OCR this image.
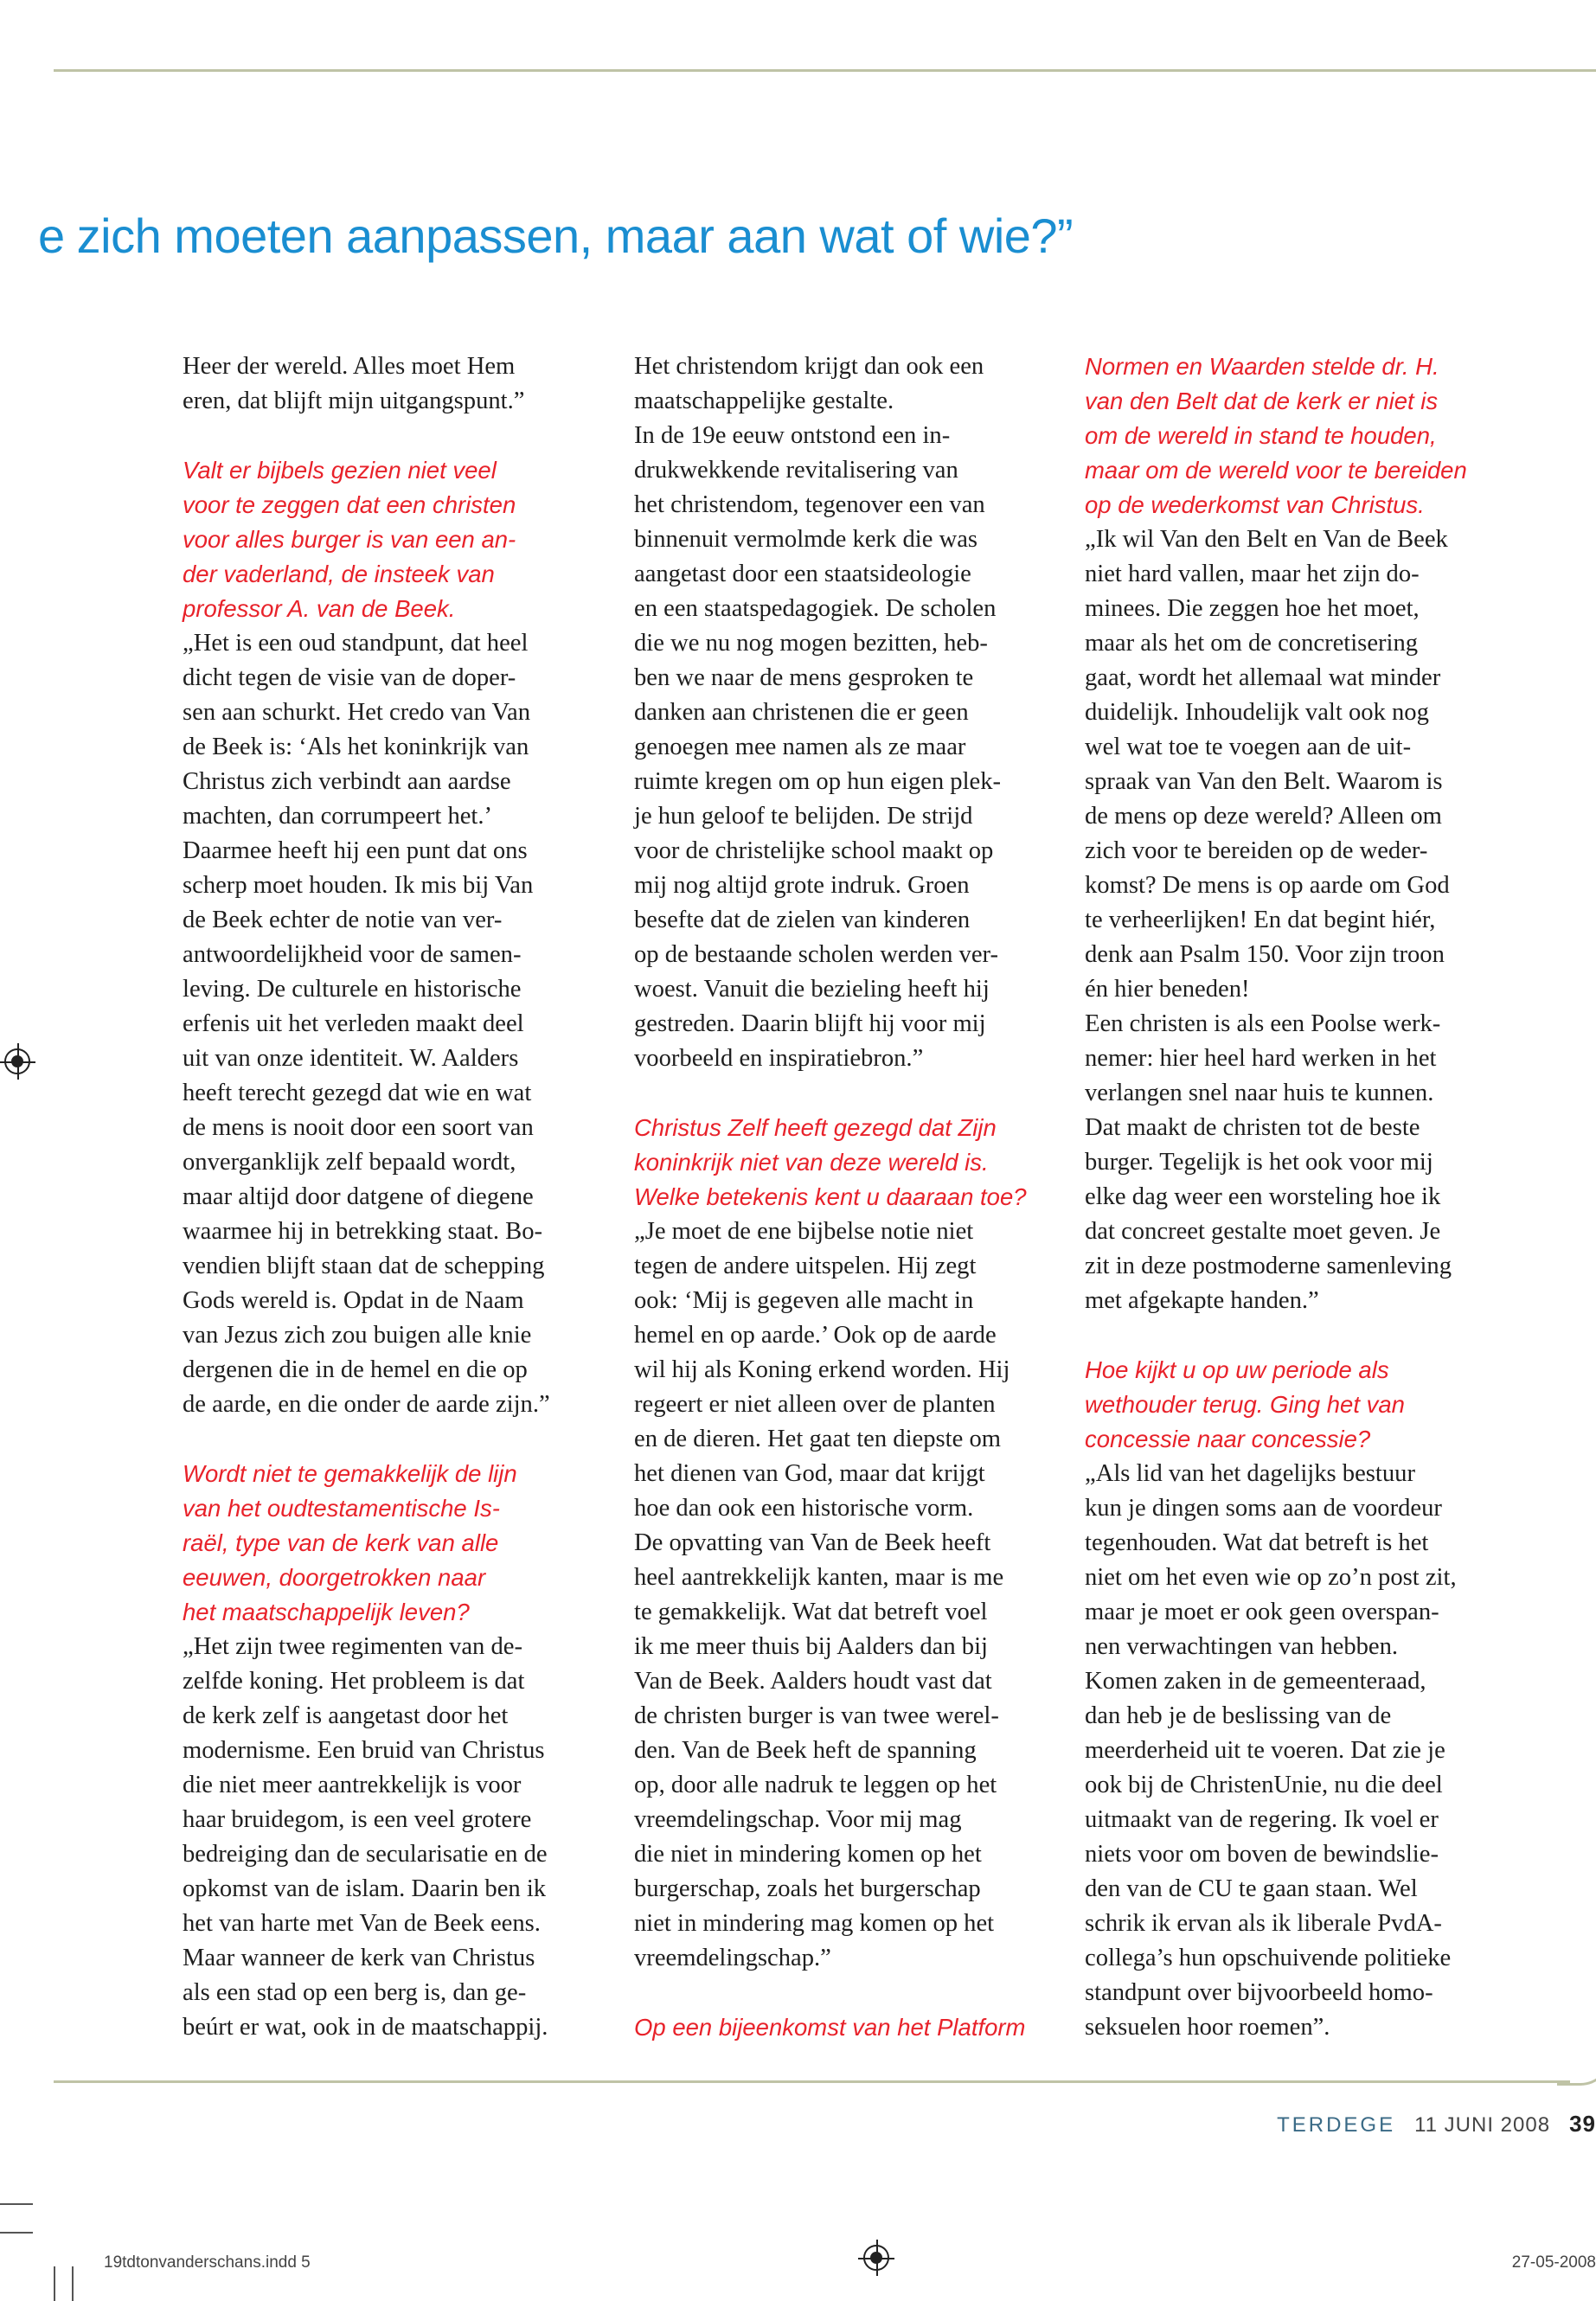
e zich moeten aanpassen, maar aan wat of wie?”

Heer der wereld. Alles moet Hem

eren, dat blijft mijn uitgangspunt.”

Valt er bijbels gezien niet veel

voor te zeggen dat een christen

voor alles burger is van een an-

der vaderland, de insteek van

professor A. van de Beek.

„Het is een oud standpunt, dat heel

dicht tegen de visie van de doper-

sen aan schurkt. Het credo van Van

de Beek is: ‘Als het koninkrijk van

Christus zich verbindt aan aardse

machten, dan corrumpeert het.’

Daarmee heeft hij een punt dat ons

scherp moet houden. Ik mis bij Van

de Beek echter de notie van ver-

antwoordelijkheid voor de samen-

leving. De culturele en historische

erfenis uit het verleden maakt deel

uit van onze identiteit. W. Aalders

heeft terecht gezegd dat wie en wat

de mens is nooit door een soort van

onverganklijk zelf bepaald wordt,

maar altijd door datgene of diegene

waarmee hij in betrekking staat. Bo-

vendien blijft staan dat de schepping

Gods wereld is. Opdat in de Naam

van Jezus zich zou buigen alle knie

dergenen die in de hemel en die op

de aarde, en die onder de aarde zijn.”

Wordt niet te gemakkelijk de lijn

van het oudtestamentische Is-

raël, type van de kerk van alle

eeuwen, doorgetrokken naar

het maatschappelijk leven?

„Het zijn twee regimenten van de-

zelfde koning. Het probleem is dat

de kerk zelf is aangetast door het

modernisme. Een bruid van Christus

die niet meer aantrekkelijk is voor

haar bruidegom, is een veel grotere

bedreiging dan de secularisatie en de

opkomst van de islam. Daarin ben ik

het van harte met Van de Beek eens.

Maar wanneer de kerk van Christus

als een stad op een berg is, dan ge-

beúrt er wat, ook in de maatschappij.

Het christendom krijgt dan ook een

maatschappelijke gestalte.

In de 19e eeuw ontstond een in-

drukwekkende revitalisering van

het christendom, tegenover een van

binnenuit vermolmde kerk die was

aangetast door een staatsideologie

en een staatspedagogiek. De scholen

die we nu nog mogen bezitten, heb-

ben we naar de mens gesproken te

danken aan christenen die er geen

genoegen mee namen als ze maar

ruimte kregen om op hun eigen plek-

je hun geloof te belijden. De strijd

voor de christelijke school maakt op

mij nog altijd grote indruk. Groen

besefte dat de zielen van kinderen

op de bestaande scholen werden ver-

woest. Vanuit die bezieling heeft hij

gestreden. Daarin blijft hij voor mij

voorbeeld en inspiratiebron.”

Christus Zelf heeft gezegd dat Zijn

koninkrijk niet van deze wereld is.

Welke betekenis kent u daaraan toe?

„Je moet de ene bijbelse notie niet

tegen de andere uitspelen. Hij zegt

ook: ‘Mij is gegeven alle macht in

hemel en op aarde.’ Ook op de aarde

wil hij als Koning erkend worden. Hij

regeert er niet alleen over de planten

en de dieren. Het gaat ten diepste om

het dienen van God, maar dat krijgt

hoe dan ook een historische vorm.

De opvatting van Van de Beek heeft

heel aantrekkelijk kanten, maar is me

te gemakkelijk. Wat dat betreft voel

ik me meer thuis bij Aalders dan bij

Van de Beek. Aalders houdt vast dat

de christen burger is van twee werel-

den. Van de Beek heft de spanning

op, door alle nadruk te leggen op het

vreemdelingschap. Voor mij mag

die niet in mindering komen op het

burgerschap, zoals het burgerschap

niet in mindering mag komen op het

vreemdelingschap.”

Op een bijeenkomst van het Platform

Normen en Waarden stelde dr. H.

van den Belt dat de kerk er niet is

om de wereld in stand te houden,

maar om de wereld voor te bereiden

op de wederkomst van Christus.

„Ik wil Van den Belt en Van de Beek

niet hard vallen, maar het zijn do-

minees. Die zeggen hoe het moet,

maar als het om de concretisering

gaat, wordt het allemaal wat minder

duidelijk. Inhoudelijk valt ook nog

wel wat toe te voegen aan de uit-

spraak van Van den Belt. Waarom is

de mens op deze wereld? Alleen om

zich voor te bereiden op de weder-

komst? De mens is op aarde om God

te verheerlijken! En dat begint hiér,

denk aan Psalm 150. Voor zijn troon

én hier beneden!

Een christen is als een Poolse werk-

nemer: hier heel hard werken in het

verlangen snel naar huis te kunnen.

Dat maakt de christen tot de beste

burger. Tegelijk is het ook voor mij

elke dag weer een worsteling hoe ik

dat concreet gestalte moet geven. Je

zit in deze postmoderne samenleving

met afgekapte handen.”

Hoe kijkt u op uw periode als

wethouder terug. Ging het van

concessie naar concessie?

„Als lid van het dagelijks bestuur

kun je dingen soms aan de voordeur

tegenhouden. Wat dat betreft is het

niet om het even wie op zo’n post zit,

maar je moet er ook geen overspan-

nen verwachtingen van hebben.

Komen zaken in de gemeenteraad,

dan heb je de beslissing van de

meerderheid uit te voeren. Dat zie je

ook bij de ChristenUnie, nu die deel

uitmaakt van de regering. Ik voel er

niets voor om boven de bewindslie-

den van de CU te gaan staan. Wel

schrik ik ervan als ik liberale PvdA-

collega’s hun opschuivende politieke

standpunt over bijvoorbeeld homo-

seksuelen hoor roemen”.

TERDEGE 11 JUNI 2008 39
19tdtonvanderschans.indd 5	27-05-2008
